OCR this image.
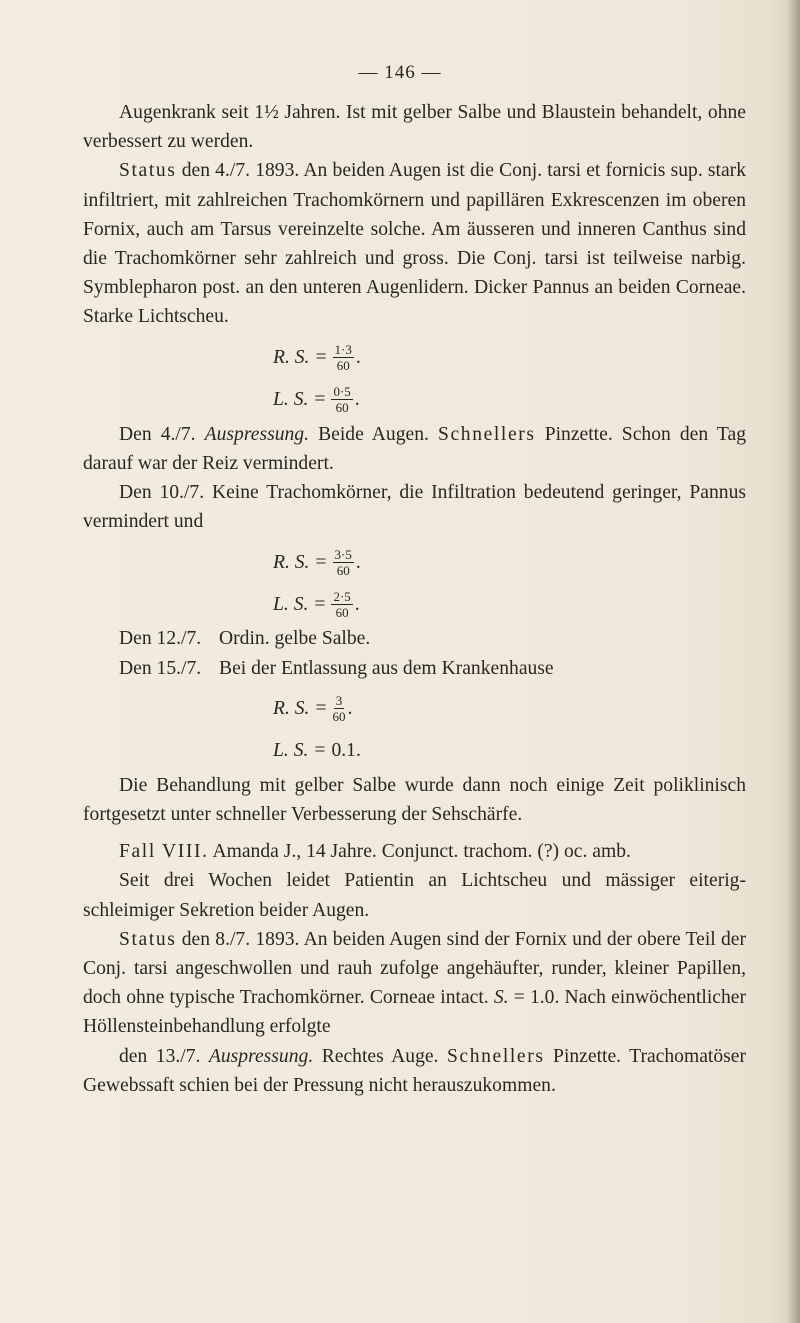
— 146 —

Augenkrank seit 1½ Jahren. Ist mit gelber Salbe und Blaustein behandelt, ohne verbessert zu werden.

Status den 4./7. 1893. An beiden Augen ist die Conj. tarsi et fornicis sup. stark infiltriert, mit zahlreichen Trachomkörnern und papillären Exkrescenzen im oberen Fornix, auch am Tarsus vereinzelte solche. Am äusseren und inneren Canthus sind die Trachomkörner sehr zahlreich und gross. Die Conj. tarsi ist teilweise narbig. Symblepharon post. an den unteren Augenlidern. Dicker Pannus an beiden Corneae. Starke Lichtscheu.

R. S. = $\frac{1\cdot 3}{60}$ .
L. S. = $\frac{0\cdot 5}{60}$ .

Den 4./7. Auspressung. Beide Augen. Schnellers Pinzette. Schon den Tag darauf war der Reiz vermindert.

Den 10./7. Keine Trachomkörner, die Infiltration bedeutend geringer, Pannus vermindert und

R. S. = $\frac{3\cdot 5}{60}$ .
L. S. = $\frac{2\cdot 5}{60}$ .
Den 12./7. Ordin. gelbe Salbe.
Den 15./7. Bei der Entlassung aus dem Krankenhause
R. S. = $\frac{3}{60}$ .
L. S. = 0.1.

Die Behandlung mit gelber Salbe wurde dann noch einige Zeit poliklinisch fortgesetzt unter schneller Verbesserung der Sehschärfe.

Fall VIII. Amanda J., 14 Jahre. Conjunct. trachom. (?) oc. amb.

Seit drei Wochen leidet Patientin an Lichtscheu und mässiger eiterig-schleimiger Sekretion beider Augen.

Status den 8./7. 1893. An beiden Augen sind der Fornix und der obere Teil der Conj. tarsi angeschwollen und rauh zufolge angehäufter, runder, kleiner Papillen, doch ohne typische Trachomkörner. Corneae intact. S. = 1.0. Nach einwöchentlicher Höllensteinbehandlung erfolgte

den 13./7. Auspressung. Rechtes Auge. Schnellers Pinzette. Trachomatöser Gewebssaft schien bei der Pressung nicht herauszukommen.
